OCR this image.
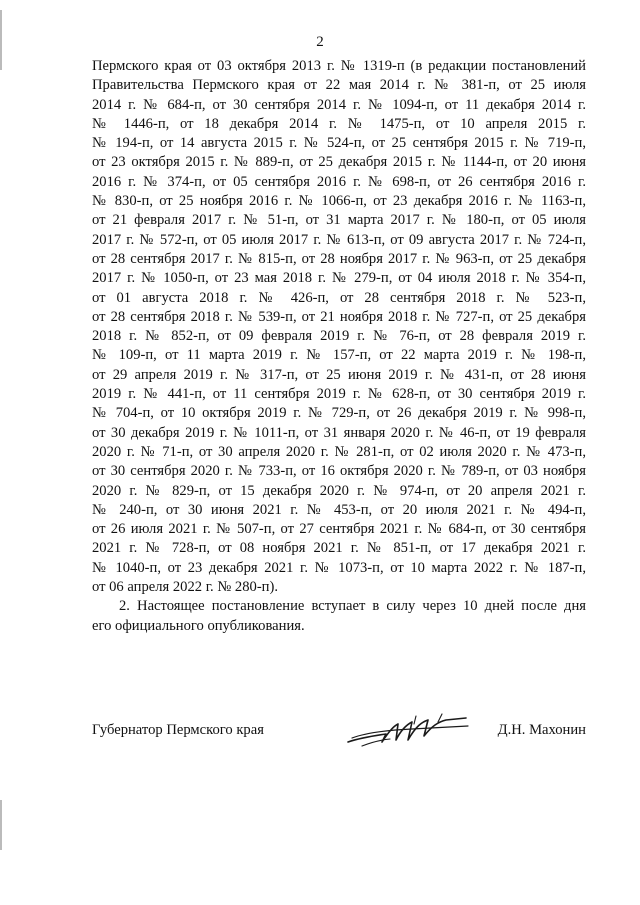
2
Пермского края от 03 октября 2013 г. № 1319-п (в редакции постановлений
Правительства Пермского края от 22 мая 2014 г. № 381-п, от 25 июля
2014 г. № 684-п, от 30 сентября 2014 г. № 1094-п, от 11 декабря 2014 г.
№ 1446-п, от 18 декабря 2014 г. № 1475-п, от 10 апреля 2015 г.
№ 194-п, от 14 августа 2015 г. № 524-п, от 25 сентября 2015 г. № 719-п,
от 23 октября 2015 г. № 889-п, от 25 декабря 2015 г. № 1144-п, от 20 июня
2016 г. № 374-п, от 05 сентября 2016 г. № 698-п, от 26 сентября 2016 г.
№ 830-п, от 25 ноября 2016 г. № 1066-п, от 23 декабря 2016 г. № 1163-п,
от 21 февраля 2017 г. № 51-п, от 31 марта 2017 г. № 180-п, от 05 июля
2017 г. № 572-п, от 05 июля 2017 г. № 613-п, от 09 августа 2017 г. № 724-п,
от 28 сентября 2017 г. № 815-п, от 28 ноября 2017 г. № 963-п, от 25 декабря
2017 г. № 1050-п, от 23 мая 2018 г. № 279-п, от 04 июля 2018 г. № 354-п,
от 01 августа 2018 г. № 426-п, от 28 сентября 2018 г. № 523-п,
от 28 сентября 2018 г. № 539-п, от 21 ноября 2018 г. № 727-п, от 25 декабря
2018 г. № 852-п, от 09 февраля 2019 г. № 76-п, от 28 февраля 2019 г.
№ 109-п, от 11 марта 2019 г. № 157-п, от 22 марта 2019 г. № 198-п,
от 29 апреля 2019 г. № 317-п, от 25 июня 2019 г. № 431-п, от 28 июня
2019 г. № 441-п, от 11 сентября 2019 г. № 628-п, от 30 сентября 2019 г.
№ 704-п, от 10 октября 2019 г. № 729-п, от 26 декабря 2019 г. № 998-п,
от 30 декабря 2019 г. № 1011-п, от 31 января 2020 г. № 46-п, от 19 февраля
2020 г. № 71-п, от 30 апреля 2020 г. № 281-п, от 02 июля 2020 г. № 473-п,
от 30 сентября 2020 г. № 733-п, от 16 октября 2020 г. № 789-п, от 03 ноября
2020 г. № 829-п, от 15 декабря 2020 г. № 974-п, от 20 апреля 2021 г.
№ 240-п, от 30 июня 2021 г. № 453-п, от 20 июля 2021 г. № 494-п,
от 26 июля 2021 г. № 507-п, от 27 сентября 2021 г. № 684-п, от 30 сентября
2021 г. № 728-п, от 08 ноября 2021 г. № 851-п, от 17 декабря 2021 г.
№ 1040-п, от 23 декабря 2021 г. № 1073-п, от 10 марта 2022 г. № 187-п,
от 06 апреля 2022 г. № 280-п).
2. Настоящее постановление вступает в силу через 10 дней после дня
его официального опубликования.
Губернатор Пермского края	Д.Н. Махонин
